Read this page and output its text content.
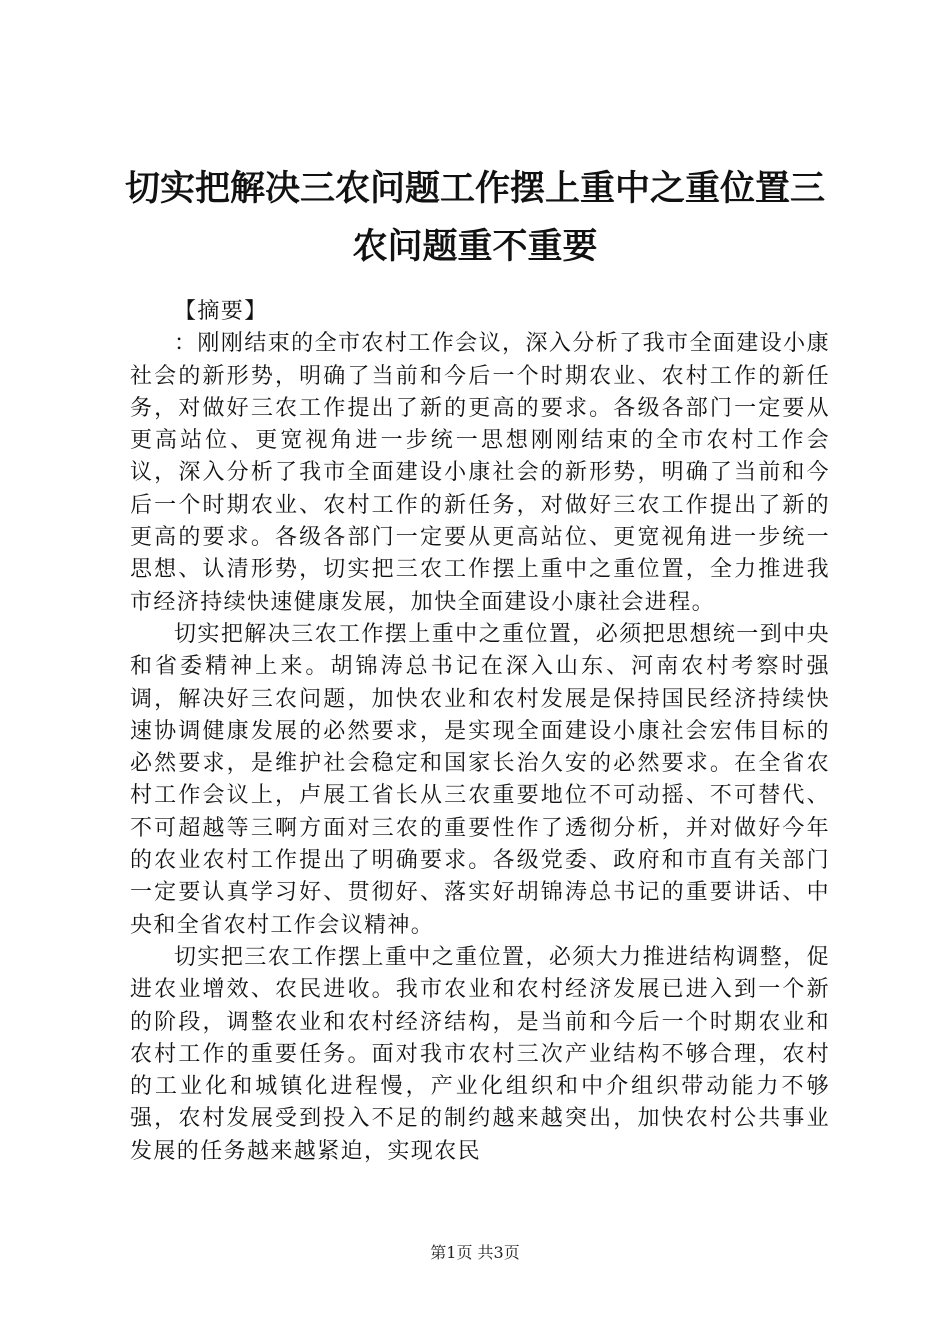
切实把解决三农问题工作摆上重中之重位置三
农问题重不重要

【摘要】

：刚刚结束的全市农村工作会议，深入分析了我市全面建设小康社会的新形势，明确了当前和今后一个时期农业、农村工作的新任务，对做好三农工作提出了新的更高的要求。各级各部门一定要从更高站位、更宽视角进一步统一思想刚刚结束的全市农村工作会议，深入分析了我市全面建设小康社会的新形势，明确了当前和今后一个时期农业、农村工作的新任务，对做好三农工作提出了新的更高的要求。各级各部门一定要从更高站位、更宽视角进一步统一思想、认清形势，切实把三农工作摆上重中之重位置，全力推进我市经济持续快速健康发展，加快全面建设小康社会进程。

切实把解决三农工作摆上重中之重位置，必须把思想统一到中央和省委精神上来。胡锦涛总书记在深入山东、河南农村考察时强调，解决好三农问题，加快农业和农村发展是保持国民经济持续快速协调健康发展的必然要求，是实现全面建设小康社会宏伟目标的必然要求，是维护社会稳定和国家长治久安的必然要求。在全省农村工作会议上，卢展工省长从三农重要地位不可动摇、不可替代、不可超越等三啊方面对三农的重要性作了透彻分析，并对做好今年的农业农村工作提出了明确要求。各级党委、政府和市直有关部门一定要认真学习好、贯彻好、落实好胡锦涛总书记的重要讲话、中央和全省农村工作会议精神。

切实把三农工作摆上重中之重位置，必须大力推进结构调整，促进农业增效、农民进收。我市农业和农村经济发展已进入到一个新的阶段，调整农业和农村经济结构，是当前和今后一个时期农业和农村工作的重要任务。面对我市农村三次产业结构不够合理，农村的工业化和城镇化进程慢，产业化组织和中介组织带动能力不够强，农村发展受到投入不足的制约越来越突出，加快农村公共事业发展的任务越来越紧迫，实现农民

第1页 共3页
